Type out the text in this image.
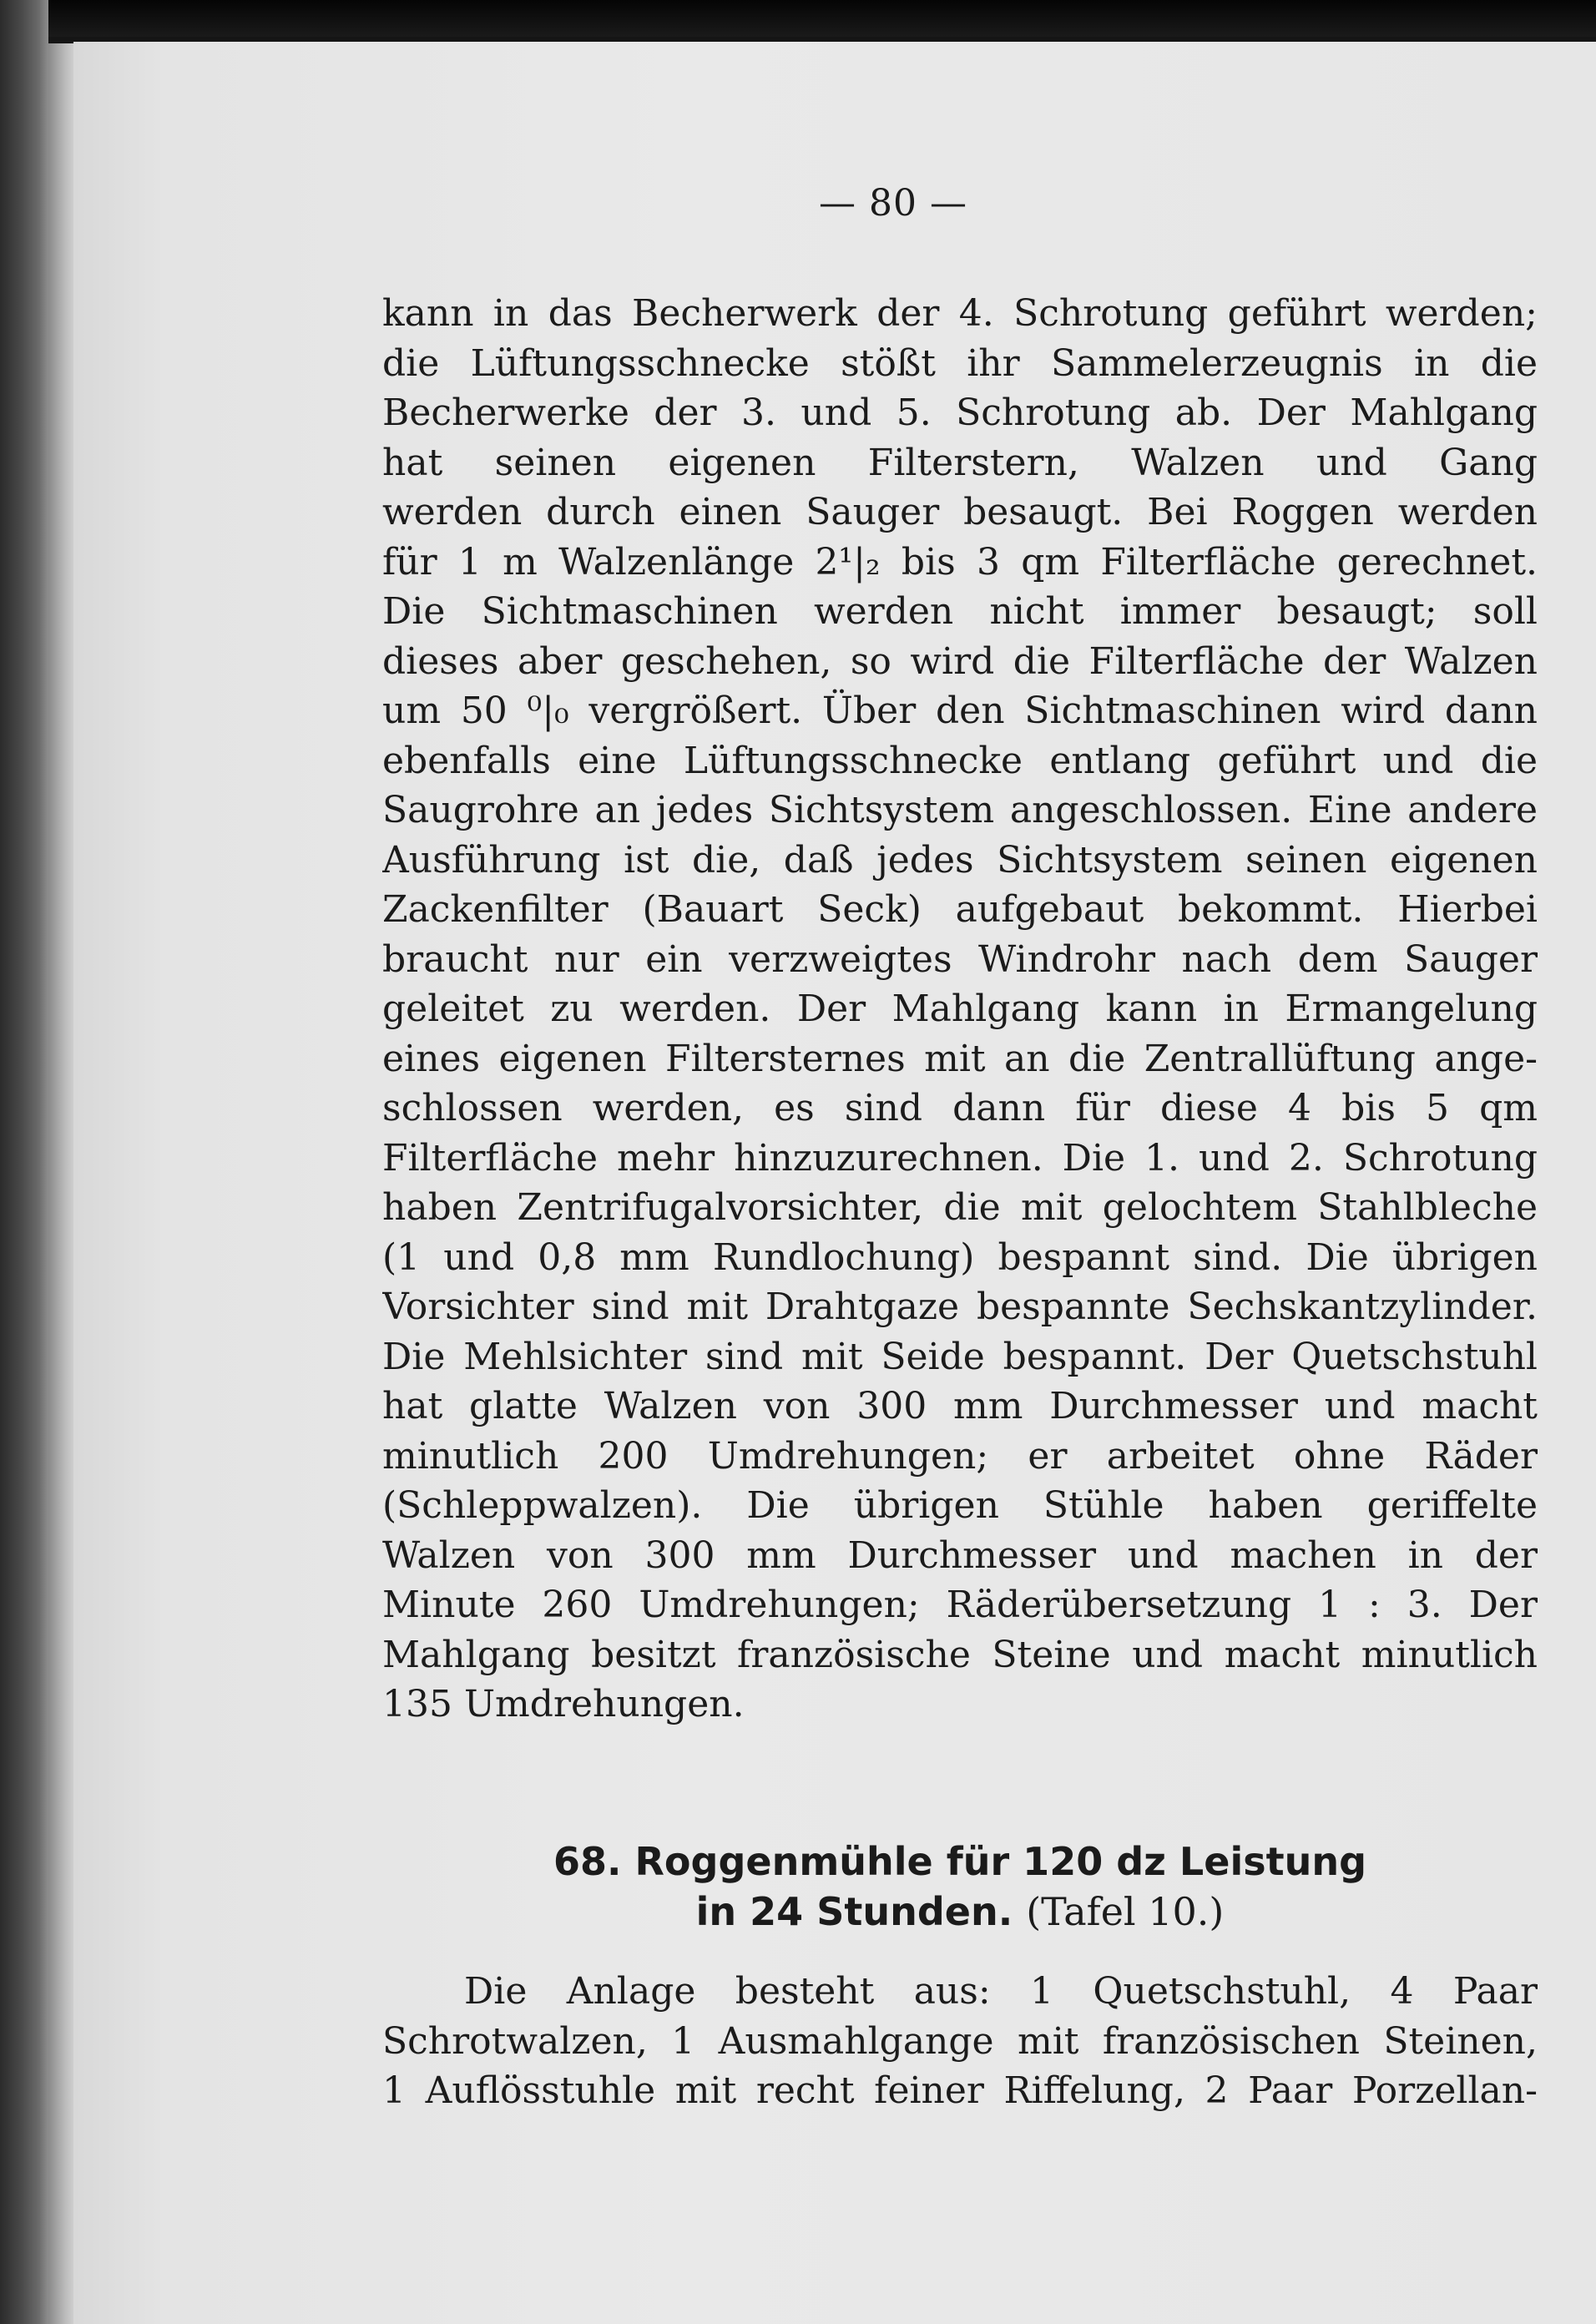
— 80 —
kann in das Becherwerk der 4. Schrotung geführt werden;
die Lüftungsschnecke stößt ihr Sammelerzeugnis in die
Becherwerke der 3. und 5. Schrotung ab. Der Mahlgang
hat seinen eigenen Filterstern, Walzen und Gang
werden durch einen Sauger besaugt. Bei Roggen werden
für 1 m Walzenlänge 2¹|₂ bis 3 qm Filterfläche gerechnet.
Die Sichtmaschinen werden nicht immer besaugt; soll
dieses aber geschehen, so wird die Filterfläche der Walzen
um 50 ⁰|₀ vergrößert. Über den Sichtmaschinen wird dann
ebenfalls eine Lüftungsschnecke entlang geführt und die
Saugrohre an jedes Sichtsystem angeschlossen. Eine andere
Ausführung ist die, daß jedes Sichtsystem seinen eigenen
Zackenfilter (Bauart Seck) aufgebaut bekommt. Hierbei
braucht nur ein verzweigtes Windrohr nach dem Sauger
geleitet zu werden. Der Mahlgang kann in Ermangelung
eines eigenen Filtersternes mit an die Zentrallüftung ange-
schlossen werden, es sind dann für diese 4 bis 5 qm
Filterfläche mehr hinzuzurechnen. Die 1. und 2. Schrotung
haben Zentrifugalvorsichter, die mit gelochtem Stahlbleche
(1 und 0,8 mm Rundlochung) bespannt sind. Die übrigen
Vorsichter sind mit Drahtgaze bespannte Sechskantzylinder.
Die Mehlsichter sind mit Seide bespannt. Der Quetschstuhl
hat glatte Walzen von 300 mm Durchmesser und macht
minutlich 200 Umdrehungen; er arbeitet ohne Räder
(Schleppwalzen). Die übrigen Stühle haben geriffelte
Walzen von 300 mm Durchmesser und machen in der
Minute 260 Umdrehungen; Räderübersetzung 1 : 3. Der
Mahlgang besitzt französische Steine und macht minutlich
135 Umdrehungen.
68. Roggenmühle für 120 dz Leistung
in 24 Stunden. (Tafel 10.)
Die Anlage besteht aus: 1 Quetschstuhl, 4 Paar
Schrotwalzen, 1 Ausmahlgange mit französischen Steinen,
1 Auflösstuhle mit recht feiner Riffelung, 2 Paar Porzellan-
